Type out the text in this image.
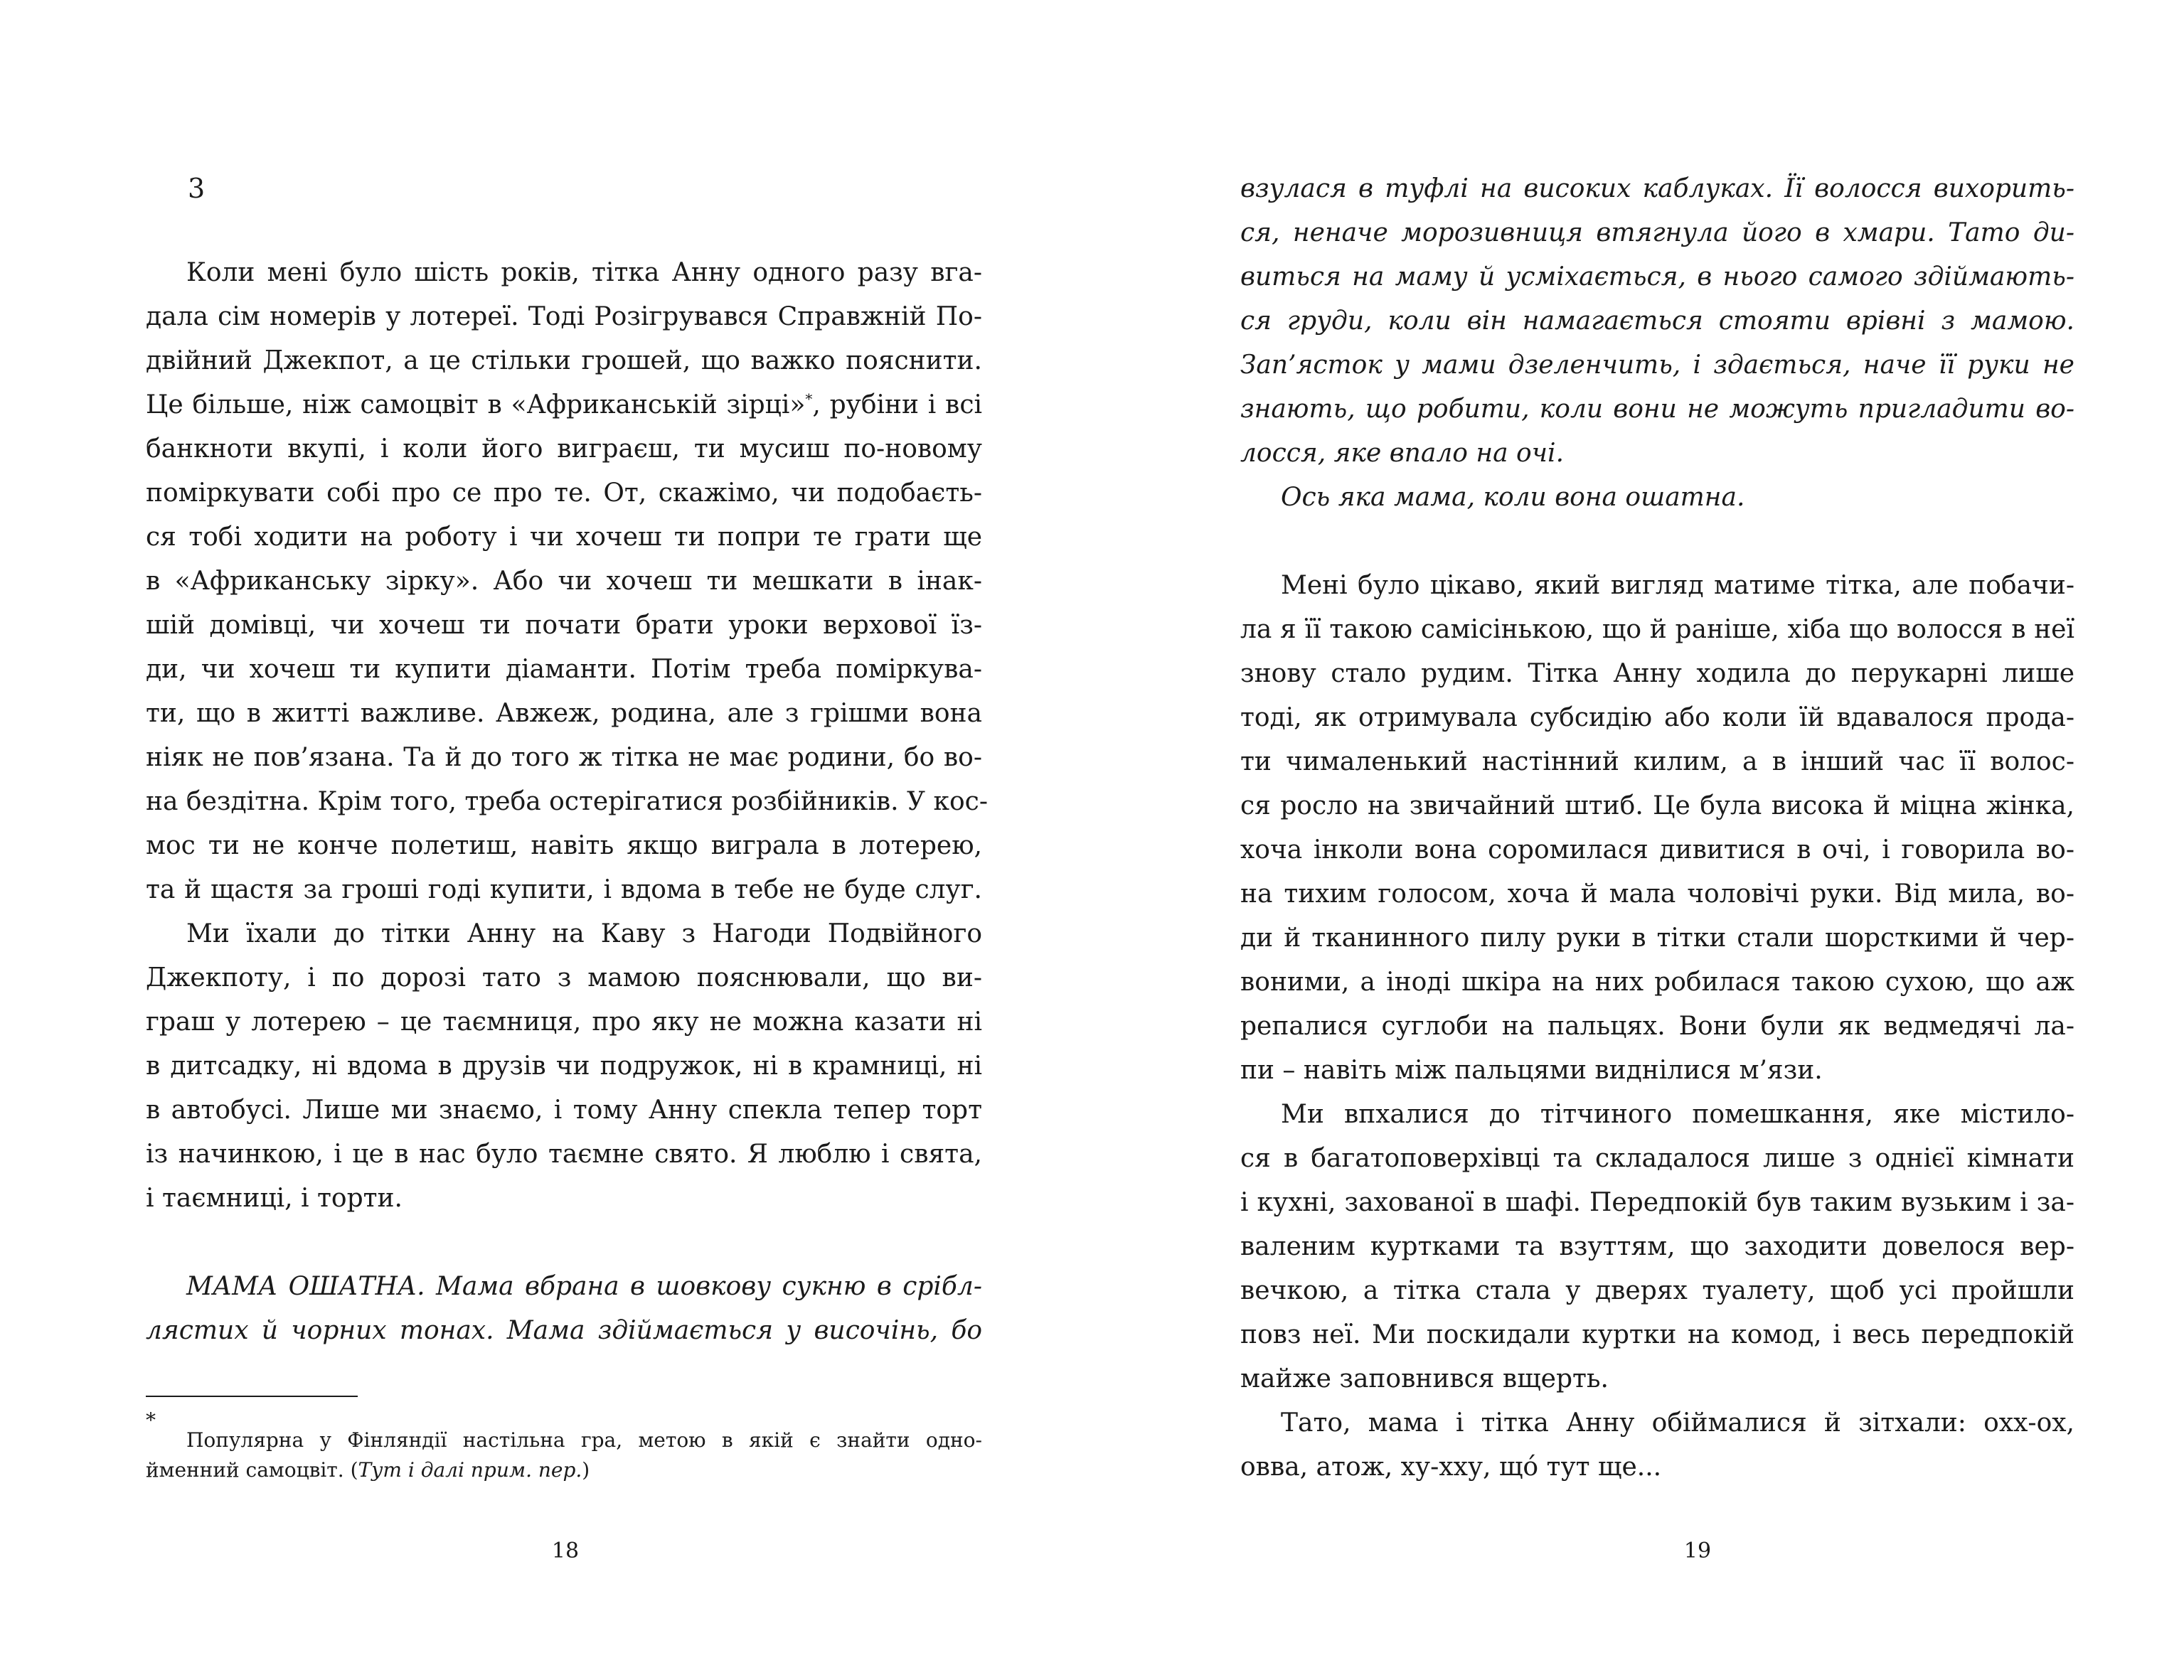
3

Коли мені було шість років, тітка Анну одного разу вга-

дала сім номерів у лотереї. Тоді Розігрувався Справжній По-

двійний Джекпот, а це стільки грошей, що важко пояснити.

Це більше, ніж самоцвіт в «Африканській зірці»*, рубіни і всі

банкноти вкупі, і коли його виграєш, ти мусиш по-новому

поміркувати собі про се про те. От, скажімо, чи подобаєть-

ся тобі ходити на роботу і чи хочеш ти попри те грати ще

в «Африканську зірку». Або чи хочеш ти мешкати в інак-

шій домівці, чи хочеш ти почати брати уроки верхової їз-

ди, чи хочеш ти купити діаманти. Потім треба поміркува-

ти, що в житті важливе. Авжеж, родина, але з грішми вона

ніяк не пов’язана. Та й до того ж тітка не має родини, бо во-

на бездітна. Крім того, треба остерігатися розбійників. У кос-

мос ти не конче полетиш, навіть якщо виграла в лотерею,

та й щастя за гроші годі купити, і вдома в тебе не буде слуг.

Ми їхали до тітки Анну на Каву з Нагоди Подвійного

Джекпоту, і по дорозі тато з мамою пояснювали, що ви-

граш у лотерею – це таємниця, про яку не можна казати ні

в дитсадку, ні вдома в друзів чи подружок, ні в крамниці, ні

в автобусі. Лише ми знаємо, і тому Анну спекла тепер торт

із начинкою, і це в нас було таємне свято. Я люблю і свята,

і таємниці, і торти.

МАМА ОШАТНА. Мама вбрана в шовкову сукню в срібл-

лястих й чорних тонах. Мама здіймається у височінь, бо

*

Популярна у Фінляндії настільна гра, метою в якій є знайти одно-

йменний самоцвіт. (Тут і далі прим. пер.)

18

взулася в туфлі на високих каблуках. Її волосся вихорить-

ся, неначе морозивниця втягнула його в хмари. Тато ди-

виться на маму й усміхається, в нього самого здіймають-

ся груди, коли він намагається стояти врівні з мамою.

Зап’ясток у мами дзеленчить, і здається, наче її руки не

знають, що робити, коли вони не можуть пригладити во-

лосся, яке впало на очі.

Ось яка мама, коли вона ошатна.

Мені було цікаво, який вигляд матиме тітка, але побачи-

ла я її такою самісінькою, що й раніше, хіба що волосся в неї

знову стало рудим. Тітка Анну ходила до перукарні лише

тоді, як отримувала субсидію або коли їй вдавалося прода-

ти чималенький настінний килим, а в інший час її волос-

ся росло на звичайний штиб. Це була висока й міцна жінка,

хоча інколи вона соромилася дивитися в очі, і говорила во-

на тихим голосом, хоча й мала чоловічі руки. Від мила, во-

ди й тканинного пилу руки в тітки стали шорсткими й чер-

воними, а іноді шкіра на них робилася такою сухою, що аж

репалися суглоби на пальцях. Вони були як ведмедячі ла-

пи – навіть між пальцями виднілися м’язи.

Ми впхалися до тітчиного помешкання, яке містило-

ся в багатоповерхівці та складалося лише з однієї кімнати

і кухні, захованої в шафі. Передпокій був таким вузьким і за-

валеним куртками та взуттям, що заходити довелося вер-

вечкою, а тітка стала у дверях туалету, щоб усі пройшли

повз неї. Ми поскидали куртки на комод, і весь передпокій

майже заповнився вщерть.

Тато, мама і тітка Анну обіймалися й зітхали: охх-ох,

овва, атож, ху-хху, щó тут ще...

19
